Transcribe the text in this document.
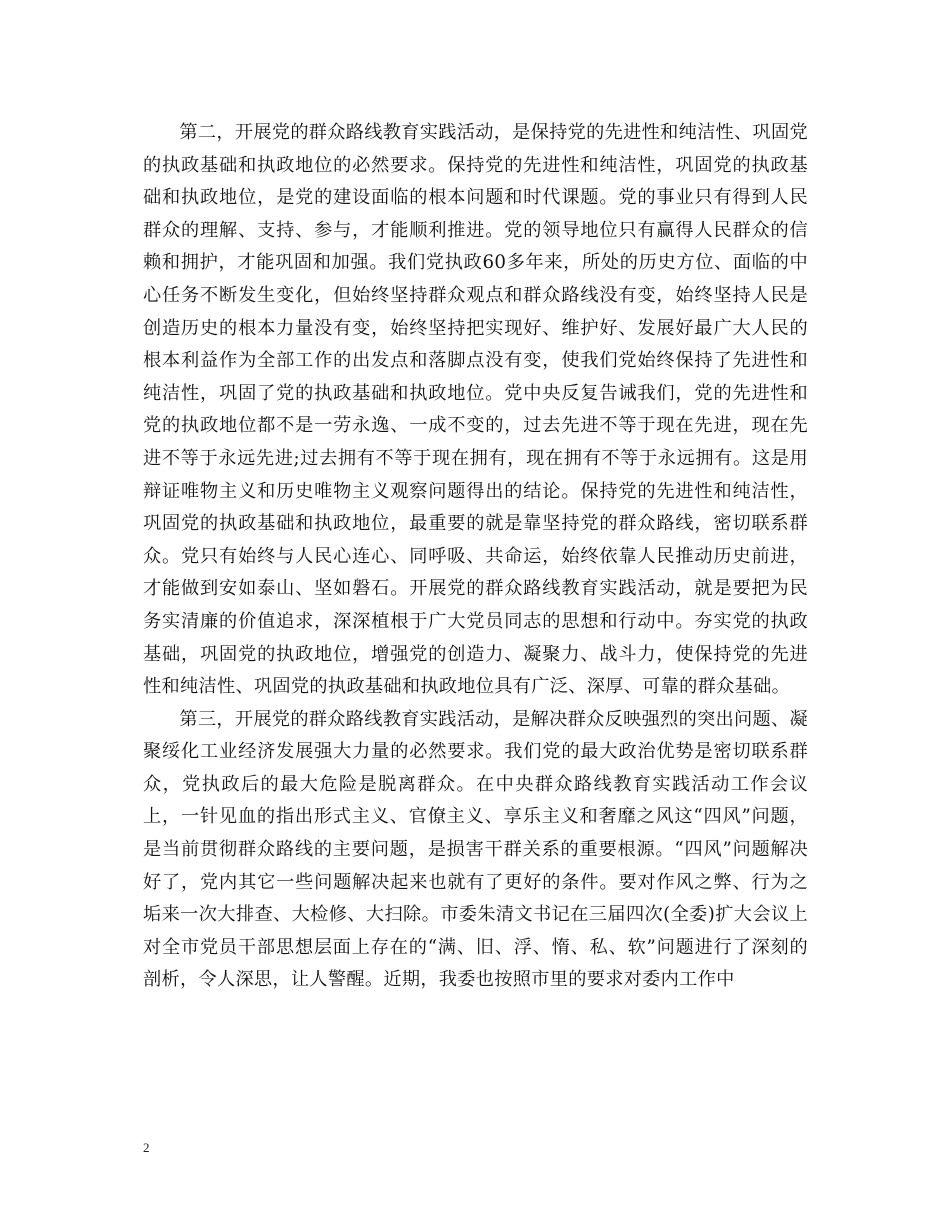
第二，开展党的群众路线教育实践活动，是保持党的先进性和纯洁性、巩固党的执政基础和执政地位的必然要求。保持党的先进性和纯洁性，巩固党的执政基础和执政地位，是党的建设面临的根本问题和时代课题。党的事业只有得到人民群众的理解、支持、参与，才能顺利推进。党的领导地位只有赢得人民群众的信赖和拥护，才能巩固和加强。我们党执政60多年来，所处的历史方位、面临的中心任务不断发生变化，但始终坚持群众观点和群众路线没有变，始终坚持人民是创造历史的根本力量没有变，始终坚持把实现好、维护好、发展好最广大人民的根本利益作为全部工作的出发点和落脚点没有变，使我们党始终保持了先进性和纯洁性，巩固了党的执政基础和执政地位。党中央反复告诫我们，党的先进性和党的执政地位都不是一劳永逸、一成不变的，过去先进不等于现在先进，现在先进不等于永远先进;过去拥有不等于现在拥有，现在拥有不等于永远拥有。这是用辩证唯物主义和历史唯物主义观察问题得出的结论。保持党的先进性和纯洁性，巩固党的执政基础和执政地位，最重要的就是靠坚持党的群众路线，密切联系群众。党只有始终与人民心连心、同呼吸、共命运，始终依靠人民推动历史前进，才能做到安如泰山、坚如磐石。开展党的群众路线教育实践活动，就是要把为民务实清廉的价值追求，深深植根于广大党员同志的思想和行动中。夯实党的执政基础，巩固党的执政地位，增强党的创造力、凝聚力、战斗力，使保持党的先进性和纯洁性、巩固党的执政基础和执政地位具有广泛、深厚、可靠的群众基础。

第三，开展党的群众路线教育实践活动，是解决群众反映强烈的突出问题、凝聚绥化工业经济发展强大力量的必然要求。我们党的最大政治优势是密切联系群众，党执政后的最大危险是脱离群众。在中央群众路线教育实践活动工作会议上，一针见血的指出形式主义、官僚主义、享乐主义和奢靡之风这“四风”问题，是当前贯彻群众路线的主要问题，是损害干群关系的重要根源。“四风”问题解决好了，党内其它一些问题解决起来也就有了更好的条件。要对作风之弊、行为之垢来一次大排查、大检修、大扫除。市委朱清文书记在三届四次(全委)扩大会议上对全市党员干部思想层面上存在的“满、旧、浮、惰、私、软”问题进行了深刻的剖析，令人深思，让人警醒。近期，我委也按照市里的要求对委内工作中

2
